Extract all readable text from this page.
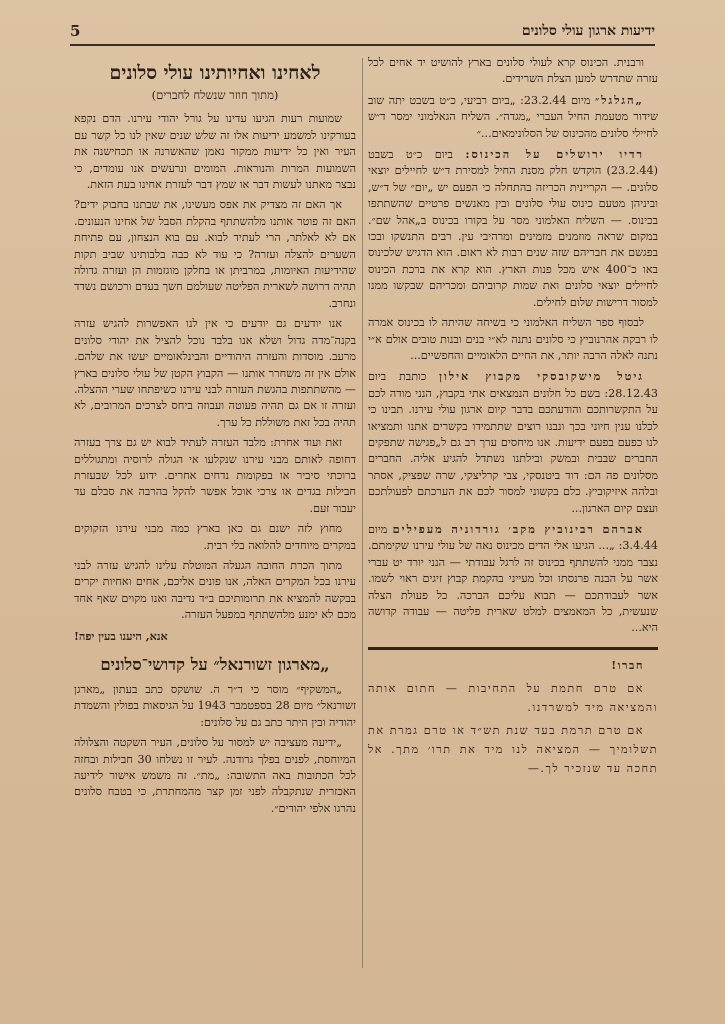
ידיעות ארגון עולי סלונים
5

ורבנית. הכינוס קרא לעולי סלונים בארץ להושיט יד אחים לכל עזרה שתדרש למען הצלת השרידים.

„הגלגל״ מיום 23.2.44: „ביום רביעי, כ״ט בשבט יתה שוב שידור מטעמת החיל העברי „מגדה״. השליח הגאלמוני ימסר ד״ש לחיילי סלונים מהכינוס של הסלונימאים...״

רדיו ירושלים על הכינוס: ביום כ״ט בשבט (23.2.44) הוקדש חלק מסנת החיל למסירת ד״ש לחיילים יוצאי סלונים. — הקריינית הכריזה בהתחלה כי הפעם יש „יום״ של ד״ש, וביניהן מטעם כינוס עולי סלונים ובין מאנשים פרטיים שהשתתפו בכינוס. — השליח האלמוני מסר על בקורו בכינוס ב„אהל שם״. במקום שראה מוזמנים מזמינים ומרהיבי עין. רבים התנשקו ובכו בפגשם את חבריהם שזה שנים רבות לא ראום. הוא הדגיש שלכינוס באו כ־400 איש מכל פנות הארץ. הוא קרא את ברכת הכינוס לחיילים יוצאי סלונים ואת שמות קרוביהם ומכריהם שבקשו ממנו למסור דרישות שלום לחילים.

לבסוף ספר השליח האלמוני כי בשיחה שהיתה לו בכינוס אמרה לו רבקה אהרנוביץ כי סלונים נתנה לא״י בנים ובנות טובים אולם א״י נתנה לאלה הרבה יותר, את החיים הלאומיים והחפשיים...

גיטל מישקובסקי מקבוץ אילון כותבת ביום 28.12.43: בשם כל חלונים הנמצאים אתי בקבוץ, הנני מודה לכם על התקשרותכם והודעתכם בדבר קיום ארגון עולי עירנו. תבינו כי לכלנו ענין חיוני בכך ונבנו רוצים שתתמידו בקשרים אתנו ותמציאו לנו כפעם בפעם ידיעות. אנו מיחסים ערך רב גם ל„פגישה שתפקים החברים שבבית ובמשק ובילתנו נשתדל להגיע אליה. החברים מסלונים פה הם: דוד ביטנסקי, צבי קרליצקי, שרה שפציק, אסתר ובלהה איזיקוביץ. כלם בקשוני למסור לכם את הערכתם לפעולתכם ועצם קיום הארגון...

אברהם רבינוביץ מקב׳ גורדוניה מעפילים מיום 3.4.44: „... הגיעו אלי הדים מכינוס נאה של עולי עירנו שקימתם. נצבר ממני להשתתף בכינוס זה לרגל עבודתי — הנני יורד יט עברי אשר על הבנה פרנסתו וכל מעייני בהקמת קבוץ זיגים ראוי לשמו. אשר לעבודתכם — תבוא עליכם הברכה. כל פעולת הצלה שנעשית, כל המאמצים למלט שארית פליטה — עבודה קדושה היא...

חברו!

אם טרם חתמת על התחיבות — חתום אותה והמציאה מיד למשרדנו.

אם טרם תרמת בעד שנת תש״ד או טרם גמרת את תשלומיך — המציאה לנו מיד את תרו׳ מתך. אל תחכה עד שנזכיר לך.—

לאחינו ואחיותינו עולי סלונים
(מתוך חוזר שנשלח לחברים)

שמועות רעות הגיעו עדינו על גורל יהודי עירנו. הדם נקפא בעורקינו למשמע ידיעות אלו זה שלש שנים שאין לנו כל קשר עם העיר ואין כל ידיעות ממקור נאמן שהאשרנה או תכחישנה את השמועות המרות והנוראות. המומים ונרעשים אנו עומדים, כי נבצר מאתנו לעשות דבר או שמץ דבר לעזרת אחינו בעת הזאת.

אך האם זה מצדיק את אפס מעשינו, את שבתנו בחבוק ידים? האם זה פוטר אותנו מלהשתתף בהקלת הסבל של אחינו הנעונים. אם לא לאלתר, הרי לעתיד לבוא. עם בוא הנצחון, עם פתיחת השערים להצלה ועזרה? כי עוד לא כבה בלבותינו שביב תקות שהידיעות האיומות, במרביתן או בחלקן מוגזמות הן ועזרה גדולה תהיה דרושה לשארית הפליטה שעולמם חשך בעדם ורכושם נשדד ונחרב.

אנו יודעים גם יודעים כי אין לנו האפשרות להגיש עזרה בקנה־מדה גדול ושלא אנו בלבד נוכל להציל את יהודי סלונים מרעב. מוסדות והעזרה היהודיים והבינלאומיים יעשו את שלהם. אולם אין זה משחרר אותנו — הקבוץ הקטן של עולי סלונים בארץ — מהשתתפות בהגשת העזרה לבני עירנו כשיפתחו שערי ההצלה. ועזרה זו אם גם תהיה פעוטה ועבוזה ביחס לצרכים המרובים, לא תהיה בכל זאת משוללת כל ערך.

זאת ועוד אחרת: מלבד העזרה לעתיד לבוא יש גם צרך בעזרה דחופה לאותם מבני עירנו שנקלעו אי הגולה לרוסיה ומתגוללים ברוכתי סיביר או בפקומות נדחים אחרים. ידוע לכל שבעזרת חבילות בגדים או צרכי אוכל אפשר להקל בהרבה את סבלם עד יעבור זעם.

מחוץ לזה ישנם גם כאן בארץ כמה מבני עירנו הזקוקים במקרים מיוחדים להלואה בלי רבית.

מתוך הכרת החובה הגעלה המוטלת עלינו להגיש עזרה לבני עירנו בכל המקרים האלה, אנו פונים אליכם, אחים ואחיות יקרים בבקשה להמציא את תרומותיכם ב״ד נדיבה ואנו מקוים שאף אחד מכם לא ימנע מלהשתתף במפעל העזרה.

אנא, היענו בעין יפה!

„מארגון זשורנאל״ על קדושי־סלונים

„המשקיף״ מוסר כי ד״ר ה. שושקס כתב בעתון „מארגן זשורנאל״ מיום 28 בספטמבר 1943 על הגיסאות בפולין והשמדת יהודיה ובין היתר כתב גם על סלונים:

„ידיעה מעציבה יש למסור על סלונים, העיר השקטה והצלולה המיוחסת, לפנים בפלך גרודנה. לעיר זו נשלחו 30 חבילות ובחזה לכל הכתובות באה התשובה: „מת״. זה משמש אישור לידיעה האכזרית שנתקבלה לפני זמן קצר מהמחתרת, כי בטבח סלונים נהרגו אלפי יהודים״.
